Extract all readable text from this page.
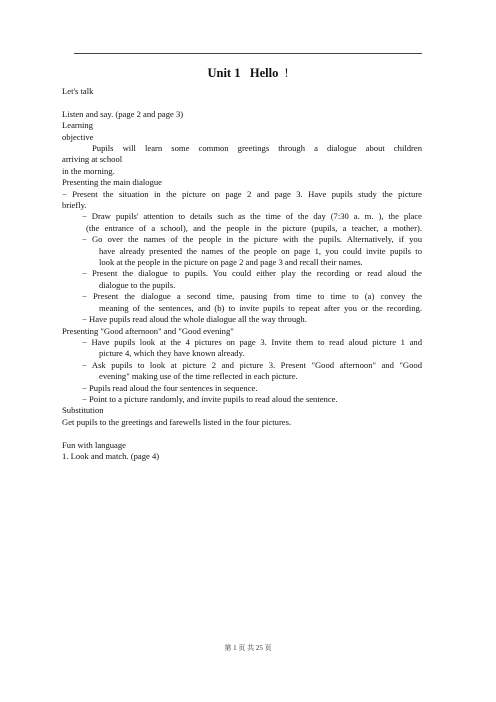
Unit 1 Hello !
Let's talk
Listen and say. (page 2 and page 3)
Learning
objective
Pupils will learn some common greetings through a dialogue about children
arriving at school
in the morning.
Presenting the main dialogue
− Present the situation in the picture on page 2 and page 3. Have pupils study the picture
briefly.
− Draw pupils' attention to details such as the time of the day (7:30 a. m. ), the place
(the entrance of a school), and the people in the picture (pupils, a teacher, a mother).
− Go over the names of the people in the picture with the pupils. Alternatively, if you
have already presented the names of the people on page 1, you could invite pupils to
look at the people in the picture on page 2 and page 3 and recall their names.
− Present the dialogue to pupils. You could either play the recording or read aloud the
dialogue to the pupils.
− Present the dialogue a second time, pausing from time to time to (a) convey the
meaning of the sentences, and (b) to invite pupils to repeat after you or the recording.
− Have pupils read aloud the whole dialogue all the way through.
Presenting "Good afternoon" and "Good evening"
− Have pupils look at the 4 pictures on page 3. Invite them to read aloud picture 1 and
picture 4, which they have known already.
− Ask pupils to look at picture 2 and picture 3. Present "Good afternoon" and "Good
evening" making use of the time reflected in each picture.
− Pupils read aloud the four sentences in sequence.
− Point to a picture randomly, and invite pupils to read aloud the sentence.
Substitution
Get pupils to the greetings and farewells listed in the four pictures.
Fun with language
1. Look and match. (page 4)
第 1 页 共 25 页
